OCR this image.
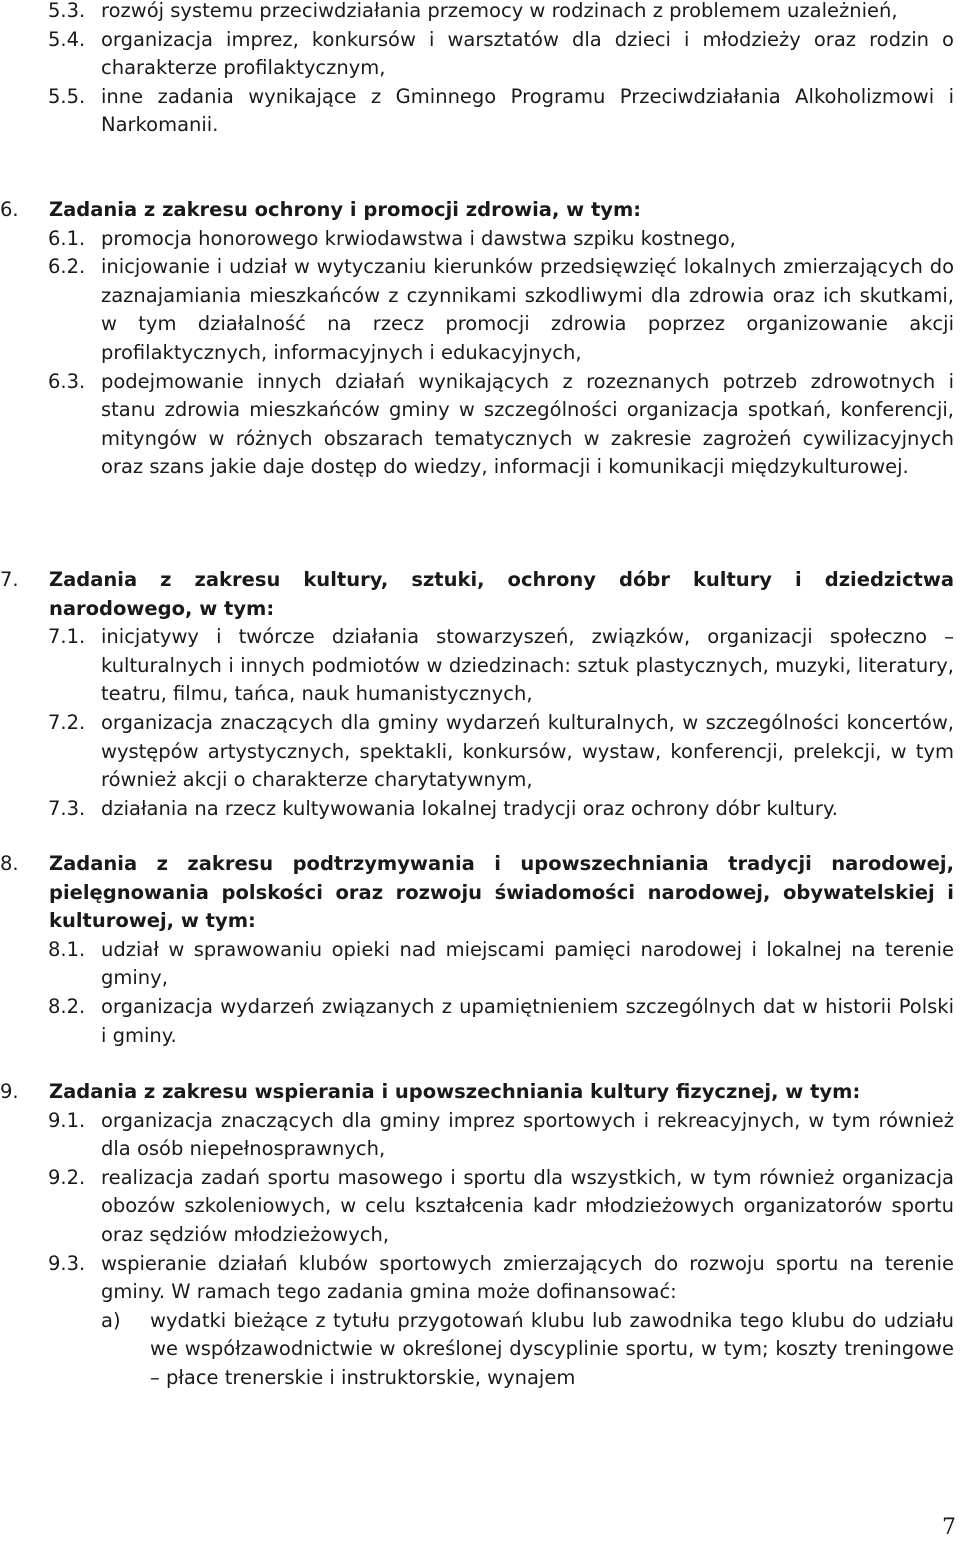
5.3. rozwój systemu przeciwdziałania przemocy w rodzinach z problemem uzależnień,
5.4. organizacja imprez, konkursów i warsztatów dla dzieci i młodzieży oraz rodzin o charakterze profilaktycznym,
5.5. inne zadania wynikające z Gminnego Programu Przeciwdziałania Alkoholizmowi i Narkomanii.
6. Zadania z zakresu ochrony i promocji zdrowia, w tym:
6.1. promocja honorowego krwiodawstwa i dawstwa szpiku kostnego,
6.2. inicjowanie i udział w wytyczaniu kierunków przedsięwzięć lokalnych zmierzających do zaznajamiania mieszkańców z czynnikami szkodliwymi dla zdrowia oraz ich skutkami, w tym działalność na rzecz promocji zdrowia poprzez organizowanie akcji profilaktycznych, informacyjnych i edukacyjnych,
6.3. podejmowanie innych działań wynikających z rozeznanych potrzeb zdrowotnych i stanu zdrowia mieszkańców gminy w szczególności organizacja spotkań, konferencji, mityngów w różnych obszarach tematycznych w zakresie zagrożeń cywilizacyjnych oraz szans jakie daje dostęp do wiedzy, informacji i komunikacji międzykulturowej.
7. Zadania z zakresu kultury, sztuki, ochrony dóbr kultury i dziedzictwa narodowego, w tym:
7.1. inicjatywy i twórcze działania stowarzyszeń, związków, organizacji społeczno – kulturalnych i innych podmiotów w dziedzinach: sztuk plastycznych, muzyki, literatury, teatru, filmu, tańca, nauk humanistycznych,
7.2. organizacja znaczących dla gminy wydarzeń kulturalnych, w szczególności koncertów, występów artystycznych, spektakli, konkursów, wystaw, konferencji, prelekcji, w tym również akcji o charakterze charytatywnym,
7.3. działania na rzecz kultywowania lokalnej tradycji oraz ochrony dóbr kultury.
8. Zadania z zakresu podtrzymywania i upowszechniania tradycji narodowej, pielęgnowania polskości oraz rozwoju świadomości narodowej, obywatelskiej i kulturowej, w tym:
8.1. udział w sprawowaniu opieki nad miejscami pamięci narodowej i lokalnej na terenie gminy,
8.2. organizacja wydarzeń związanych z upamiętnieniem szczególnych dat w historii Polski i gminy.
9. Zadania z zakresu wspierania i upowszechniania kultury fizycznej, w tym:
9.1. organizacja znaczących dla gminy imprez sportowych i rekreacyjnych, w tym również dla osób niepełnosprawnych,
9.2. realizacja zadań sportu masowego i sportu dla wszystkich, w tym również organizacja obozów szkoleniowych, w celu kształcenia kadr młodzieżowych organizatorów sportu oraz sędziów młodzieżowych,
9.3. wspieranie działań klubów sportowych zmierzających do rozwoju sportu na terenie gminy. W ramach tego zadania gmina może dofinansować:
a) wydatki bieżące z tytułu przygotowań klubu lub zawodnika tego klubu do udziału we współzawodnictwie w określonej dyscyplinie sportu, w tym; koszty treningowe – płace trenerskie i instruktorskie, wynajem
7
